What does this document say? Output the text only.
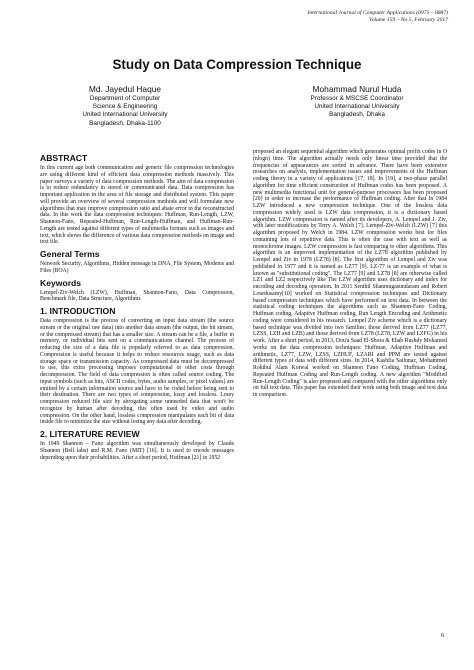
International Journal of Computer Applications (0975 – 8887)
Volume 159 – No 5, February 2017
Study on Data Compression Technique
Md. Jayedul Haque
Department of Computer
Science & Engineering
United International University
Bangladesh, Dhaka-1100
Mohammad Nurul Huda
Professor & MSCSE Coordinator
United International University
Bangladesh, Dhaka
ABSTRACT

In this current age both communication and generic file compression technologies are using different kind of efficient data compression methods massively. This paper surveys a variety of data compression methods. The aim of data compression is to reduce redundancy in stored or communicated data. Data compression has important application in the area of file storage and distributed system. This paper will provide an overview of several compression methods and will formulate new algorithms that may improve compression ratio and abate error in the reconstructed data. In this work the data compression techniques: Huffman, Run-Length, LZW, Shannon-Fano, Repeated-Huffman, Run-Length-Huffman, and Huffman-Run-Length are tested against different types of multimedia formats such as images and text, which shows the difference of various data compression methods on image and text file.

General Terms

Network Security, Algorithms, Hidden message in DNA, File System, Modems and Files (BOA)

Keywords

Lempel-Ziv-Welch (LZW), Huffman, Shannon-Fano, Data Compression, Benchmark file, Data Structure, Algorithms

1. INTRODUCTION

Data compression is the process of converting an input data stream (the source stream or the original raw data) into another data stream (the output, the bit stream, or the compressed stream) that has a smaller size. A stream can be a file, a buffer in memory, or individual bits sent on a communications channel. The process of reducing the size of a data file is popularly referred to as data compression. Compression is useful because it helps to reduce resources usage, such as data storage space or transmission capacity. As compressed data must be decompressed to use, this extra processing imposes computational or other costs through decompression. The field of data compression is often called source coding. The input symbols (such as bits, ASCII codes, bytes, audio samples, or pixel values) are emitted by a certain information source and have to be coded before being sent to their destination. There are two types of compression, lossy and lossless. Lossy compression reduced file size by abrogating some unneeded data that won't be recognize by human after decoding, this often used by video and audio compression. On the other hand, lossless compression manipulates each bit of data inside file to minimize the size without losing any data after decoding.

2. LITERATURE REVIEW

In 1949 Shannon – Fano algorithm was simultaneously developed by Claude Shannon (Bell labs) and R.M. Fano (MIT) [16]. It is used to encode messages depending upon their probabilities. After a short period, Huffman [21] in 1952

proposed an elegant sequential algorithm which generates optimal prefix codes in O (nlogn) time. The algorithm actually needs only linear time provided that the frequencies of appearances are sorted in advance. There have been extensive researches on analysis, implementation issues and improvements of the Huffman coding theory in a variety of applications [17, 18]. In [19], a two-phase parallel algorithm for time efficient construction of Huffman codes has been proposed. A new multimedia functional unit for general-purpose processors has been proposed [20] in order to increase the performance of Huffman coding. After that In 1984 LZW introduced a new compression technique. One of the lossless data compression widely used is LZW data compression, it is a dictionary based algorithm. LZW compression is named after its developers, A. Lempel and J. Ziv, with later modifications by Terry A. Welch [7]. Lempel-Ziv-Welch (LZW) [7] this algorithm proposed by Welch in 1984. LZW compression works best for files containing lots of repetitive data. This is often the case with text as well as monochrome images. LZW compression is fast comparing to other algorithms. This algorithm is an improved implementation of the LZ78 algorithm published by Lempel and Ziv in 1978 (LZ78) [8]. The first algorithm of Lempel and Ziv was published in 1977 and it is named as LZ77 [9]. LZ-77 is an example of what is known as "substitutional coding". The LZ77 [9] and LZ78 [8] are otherwise called LZ1 and LZ2 respectively like The LZW algorithm uses dictionary and index for encoding and decoding operation. In 2011 Senthil Shanmugasundaram and Robert Lourdusamy[10] worked on Statistical compression techniques and Dictionary based compression techniques which have performed on text data. In between the statistical coding techniques the algorithms such as Shannon-Fano Coding, Huffman coding, Adaptive Huffman coding, Run Length Encoding and Arithmetic coding were considered in his research. Lempel Ziv scheme which is a dictionary based technique was divided into two families: those derived from LZ77 (LZ77, LZSS, LZH and LZB) and those derived from LZ78 (LZ78, LZW and LZFG) in his work. After a short period, in 2013, Dou'a Saad El-Shora & Ehab Rushdy Mohamed works on the data compression techniques: Huffman, Adaptive Huffman and arithmetic, LZ77, LZW, LZSS, LZHUF, LZARI and PPM are tested against different types of data with different sizes. In 2014, Kashfia Sailunaz, Mohammed Rokibul Alam Kotwal worked on Shannon Fano Coding, Huffman Coding, Repeated Huffman Coding and Run-Length coding. A new algorithm "Modified Run-Length Coding" is also proposed and compared with the other algorithms only on full text data. This paper has extended their work using both image and text data in comparison.

6
